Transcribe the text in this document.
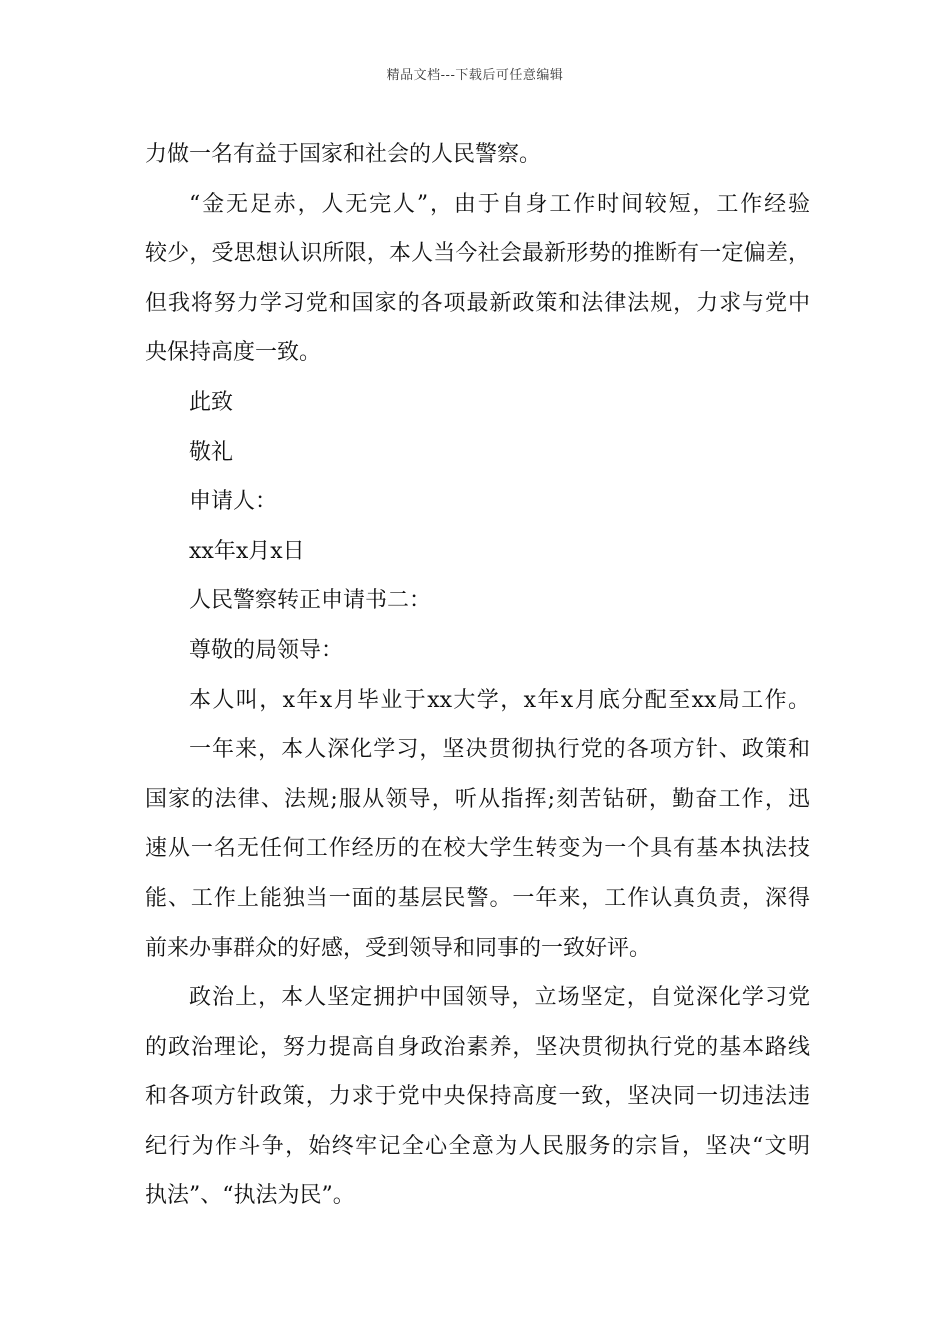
精品文档---下载后可任意编辑
力做一名有益于国家和社会的人民警察。
“金无足赤，人无完人”，由于自身工作时间较短，工作经验
较少，受思想认识所限，本人当今社会最新形势的推断有一定偏差，
但我将努力学习党和国家的各项最新政策和法律法规，力求与党中
央保持高度一致。
此致
敬礼
申请人：
xx年x月x日
人民警察转正申请书二：
尊敬的局领导：
本人叫，x年x月毕业于xx大学，x年x月底分配至xx局工作。
一年来，本人深化学习，坚决贯彻执行党的各项方针、政策和
国家的法律、法规;服从领导，听从指挥;刻苦钻研，勤奋工作，迅
速从一名无任何工作经历的在校大学生转变为一个具有基本执法技
能、工作上能独当一面的基层民警。一年来，工作认真负责，深得
前来办事群众的好感，受到领导和同事的一致好评。
政治上，本人坚定拥护中国领导，立场坚定，自觉深化学习党
的政治理论，努力提高自身政治素养，坚决贯彻执行党的基本路线
和各项方针政策，力求于党中央保持高度一致，坚决同一切违法违
纪行为作斗争，始终牢记全心全意为人民服务的宗旨，坚决“文明
执法”、“执法为民”。
